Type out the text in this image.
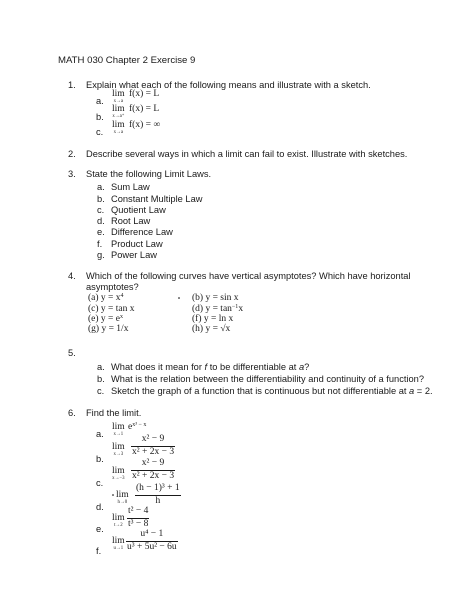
MATH 030 Chapter 2 Exercise 9
1. Explain what each of the following means and illustrate with a sketch.
a.
lim
x→a
f(x) = L
b.
lim
x→a⁺
f(x) = L
c.
lim
x→a
f(x) = ∞
2. Describe several ways in which a limit can fail to exist. Illustrate with sketches.
3. State the following Limit Laws.
a. Sum Law
b. Constant Multiple Law
c. Quotient Law
d. Root Law
e. Difference Law
f. Product Law
g. Power Law
4. Which of the following curves have vertical asymptotes? Which have horizontal
asymptotes?
(a) $y = x^4$
(c) y = tan x
(e) $y = e^x$
(g) y = 1/x
(b) y = sin x
(d) $y = \tan^{-1}x$
(f) y = ln x
(h) y = √x
5.
a. What does it mean for f to be differentiable at a?
b. What is the relation between the differentiability and continuity of a function?
c. Sketch the graph of a function that is continuous but not differentiable at a = 2.
6. Find the limit.
a.
lim
x→1
$e^{x^3 - x}$
b.
lim
$x\to 3 \frac{\text{x² − 9}}{\text{x² + 2x − 3}}$
c.
lim
$x\to-3 \frac{\text{x² − 9}}{\text{x² + 2x − 3}}$
d.
lim
$h\to 0 \frac{\text{(h − 1)³ + 1}}{h}$
e.
lim
$t\to 2 \frac{\text{t² − 4}}{\text{t³ − 8}}$
f.
lim
$u\to 1 \frac{\text{u⁴ − 1}}{\text{u³ + 5u² − 6u}}$
